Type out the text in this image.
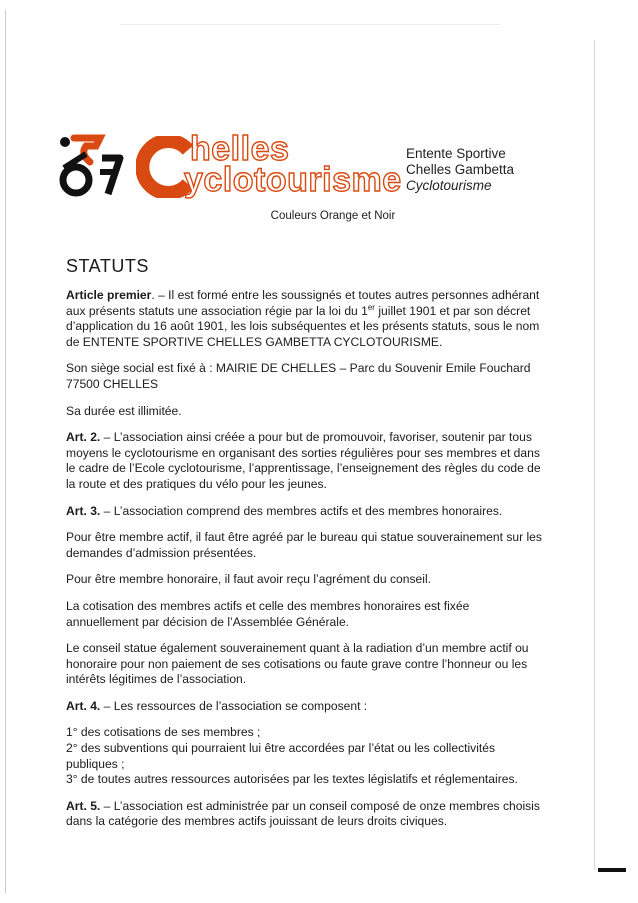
helles
yclotourisme
Entente Sportive
Chelles Gambetta
Cyclotourisme
Couleurs Orange et Noir
STATUTS

Article premier. – Il est formé entre les soussignés et toutes autres personnes adhérant aux présents statuts une association régie par la loi du 1er juillet 1901 et par son décret d’application du 16 août 1901, les lois subséquentes et les présents statuts, sous le nom de ENTENTE SPORTIVE CHELLES GAMBETTA CYCLOTOURISME.

Son siège social est fixé à : MAIRIE DE CHELLES – Parc du Souvenir Emile Fouchard 77500 CHELLES

Sa durée est illimitée.

Art. 2. – L’association ainsi créée a pour but de promouvoir, favoriser, soutenir par tous moyens le cyclotourisme en organisant des sorties régulières pour ses membres et dans le cadre de l’Ecole cyclotourisme, l’apprentissage, l’enseignement des règles du code de la route et des pratiques du vélo pour les jeunes.

Art. 3. – L’association comprend des membres actifs et des membres honoraires.

Pour être membre actif, il faut être agréé par le bureau qui statue souverainement sur les demandes d’admission présentées.

Pour être membre honoraire, il faut avoir reçu l’agrément du conseil.

La cotisation des membres actifs et celle des membres honoraires est fixée annuellement par décision de l’Assemblée Générale.

Le conseil statue également souverainement quant à la radiation d’un membre actif ou honoraire pour non paiement de ses cotisations ou faute grave contre l’honneur ou les intérêts légitimes de l’association.

Art. 4. – Les ressources de l’association se composent :

1° des cotisations de ses membres ;
2° des subventions qui pourraient lui être accordées par l’état ou les collectivités publiques ;
3° de toutes autres ressources autorisées par les textes législatifs et réglementaires.

Art. 5. – L’association est administrée par un conseil composé de onze membres choisis dans la catégorie des membres actifs jouissant de leurs droits civiques.
